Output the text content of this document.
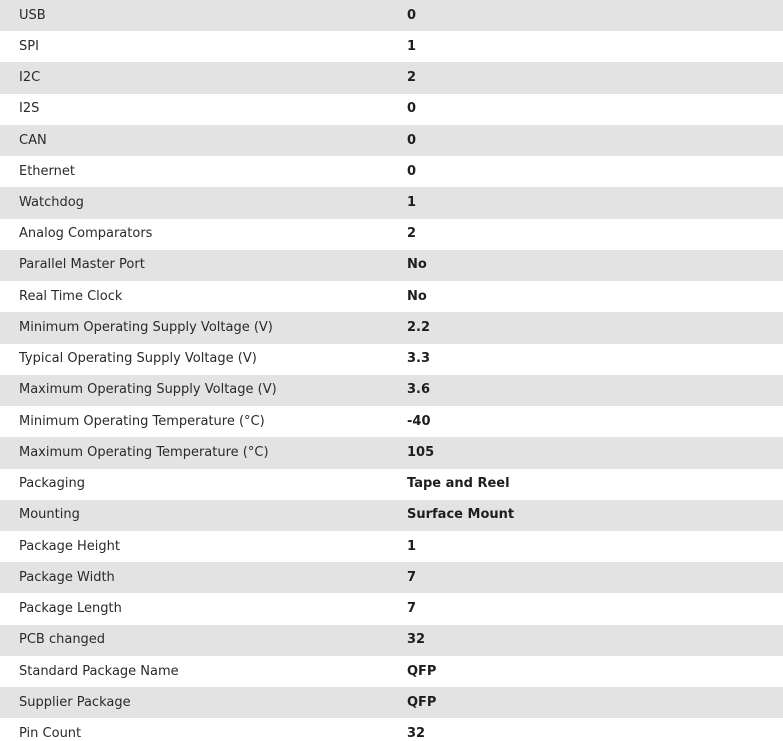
USB	0
SPI	1
I2C	2
I2S	0
CAN	0
Ethernet	0
Watchdog	1
Analog Comparators	2
Parallel Master Port	No
Real Time Clock	No
Minimum Operating Supply Voltage (V)	2.2
Typical Operating Supply Voltage (V)	3.3
Maximum Operating Supply Voltage (V)	3.6
Minimum Operating Temperature (°C)	-40
Maximum Operating Temperature (°C)	105
Packaging	Tape and Reel
Mounting	Surface Mount
Package Height	1
Package Width	7
Package Length	7
PCB changed	32
Standard Package Name	QFP
Supplier Package	QFP
Pin Count	32
